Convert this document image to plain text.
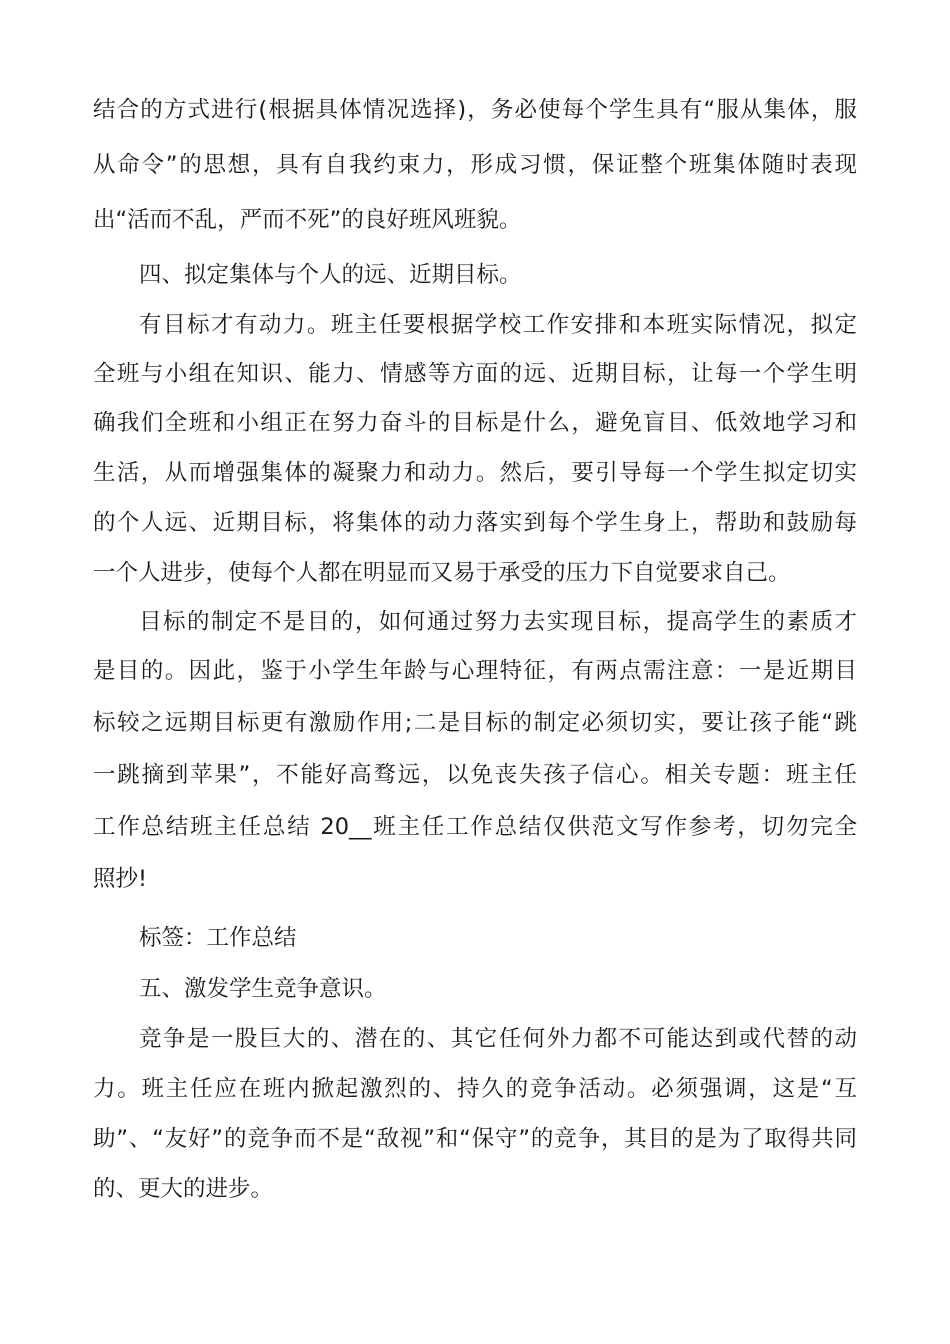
结合的方式进行(根据具体情况选择)，务必使每个学生具有“服从集体，服
从命令”的思想，具有自我约束力，形成习惯，保证整个班集体随时表现
出“活而不乱，严而不死”的良好班风班貌。
四、拟定集体与个人的远、近期目标。
有目标才有动力。班主任要根据学校工作安排和本班实际情况，拟定
全班与小组在知识、能力、情感等方面的远、近期目标，让每一个学生明
确我们全班和小组正在努力奋斗的目标是什么，避免盲目、低效地学习和
生活，从而增强集体的凝聚力和动力。然后，要引导每一个学生拟定切实
的个人远、近期目标，将集体的动力落实到每个学生身上，帮助和鼓励每
一个人进步，使每个人都在明显而又易于承受的压力下自觉要求自己。
目标的制定不是目的，如何通过努力去实现目标，提高学生的素质才
是目的。因此，鉴于小学生年龄与心理特征，有两点需注意：一是近期目
标较之远期目标更有激励作用;二是目标的制定必须切实，要让孩子能“跳
一跳摘到苹果”，不能好高骛远，以免丧失孩子信心。相关专题：班主任
工作总结班主任总结 20__班主任工作总结仅供范文写作参考，切勿完全
照抄!
标签：工作总结
五、激发学生竞争意识。
竞争是一股巨大的、潜在的、其它任何外力都不可能达到或代替的动
力。班主任应在班内掀起激烈的、持久的竞争活动。必须强调，这是“互
助”、“友好”的竞争而不是“敌视”和“保守”的竞争，其目的是为了取得共同
的、更大的进步。
